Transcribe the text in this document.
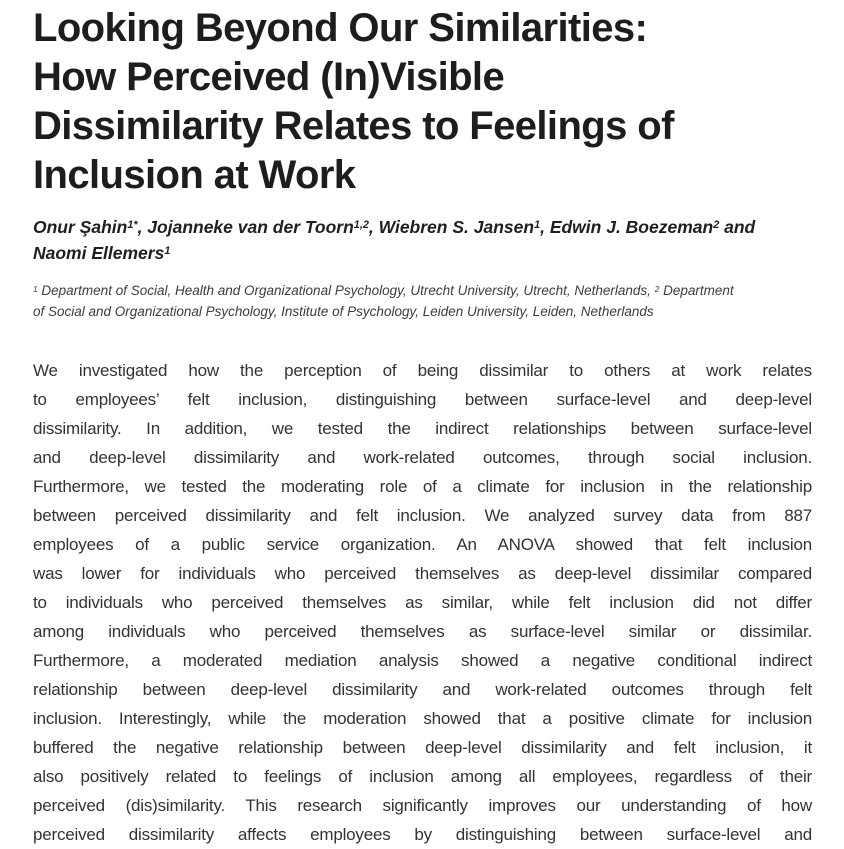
Looking Beyond Our Similarities:
How Perceived (In)Visible
Dissimilarity Relates to Feelings of
Inclusion at Work
Onur Şahin$^{1*}$, Jojanneke van der Toorn$^{1,2}$, Wiebren S. Jansen$^1$, Edwin J. Boezeman$^2$ and
Naomi Ellemers$^1$
$^1$ Department of Social, Health and Organizational Psychology, Utrecht University, Utrecht, Netherlands, $^2$ Department
of Social and Organizational Psychology, Institute of Psychology, Leiden University, Leiden, Netherlands
We investigated how the perception of being dissimilar to others at work relates
to employees’ felt inclusion, distinguishing between surface-level and deep-level
dissimilarity. In addition, we tested the indirect relationships between surface-level
and deep-level dissimilarity and work-related outcomes, through social inclusion.
Furthermore, we tested the moderating role of a climate for inclusion in the relationship
between perceived dissimilarity and felt inclusion. We analyzed survey data from 887
employees of a public service organization. An ANOVA showed that felt inclusion
was lower for individuals who perceived themselves as deep-level dissimilar compared
to individuals who perceived themselves as similar, while felt inclusion did not differ
among individuals who perceived themselves as surface-level similar or dissimilar.
Furthermore, a moderated mediation analysis showed a negative conditional indirect
relationship between deep-level dissimilarity and work-related outcomes through felt
inclusion. Interestingly, while the moderation showed that a positive climate for inclusion
buffered the negative relationship between deep-level dissimilarity and felt inclusion, it
also positively related to feelings of inclusion among all employees, regardless of their
perceived (dis)similarity. This research significantly improves our understanding of how
perceived dissimilarity affects employees by distinguishing between surface-level and
